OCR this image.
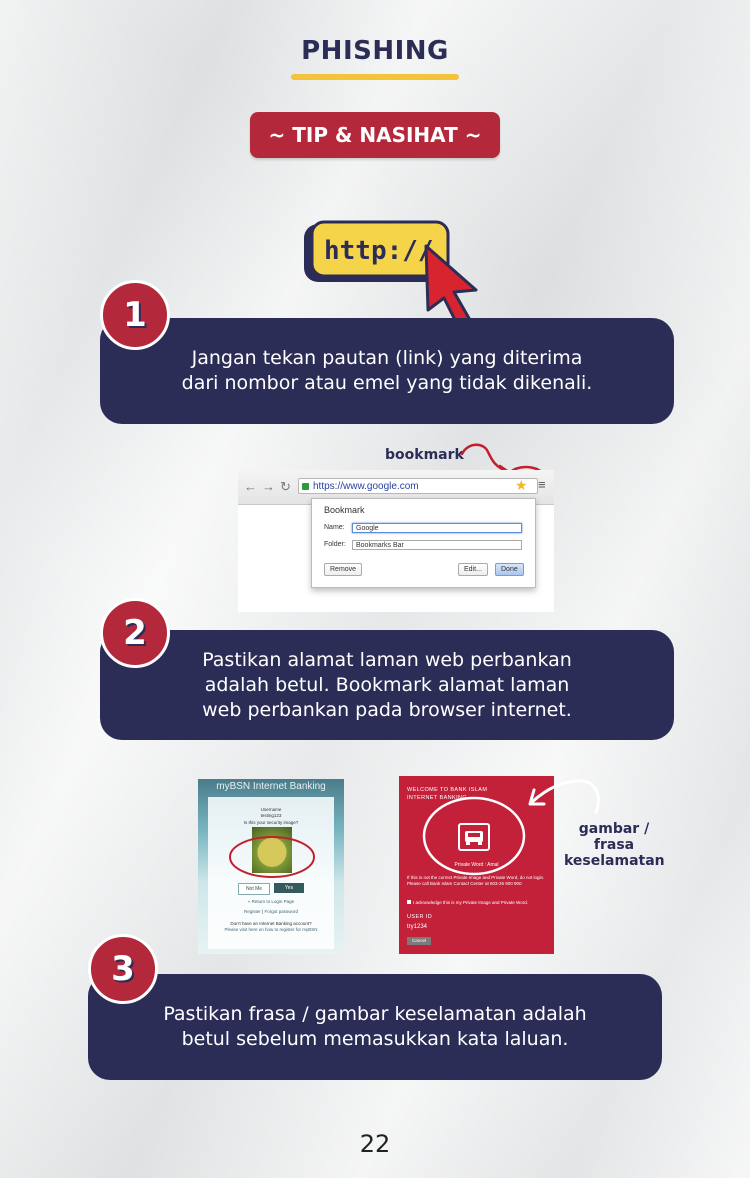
PHISHING
~ TIP & NASIHAT ~
http://
Jangan tekan pautan (link) yang diterima
dari nombor atau emel yang tidak dikenali.
1
bookmark
← → ↻	https://www.google.com	★ ≡
Bookmark
Name:	Google
Folder:	Bookmarks Bar
Remove	Edit...	Done
Pastikan alamat laman web perbankan
adalah betul. Bookmark alamat laman
web perbankan pada browser internet.
2
myBSN Internet Banking
Username
testing123
Is this your security image?
Not Me	Yes
« Return to Login Page
Register | Forgot password
Don't have an Internet Banking account?
Please visit here on how to register for myBSN
WELCOME TO BANK ISLAM
INTERNET BANKING
Private Word : Amal
If this is not the correct Private Image and Private Word, do not login. Please call Bank Islam Contact Center at 603-26 900 900
I acknowledge this is my Private Image and Private Word.
USER ID
try1234
Cancel
gambar / frasa
keselamatan
Pastikan frasa / gambar keselamatan adalah
betul sebelum memasukkan kata laluan.
3
22
